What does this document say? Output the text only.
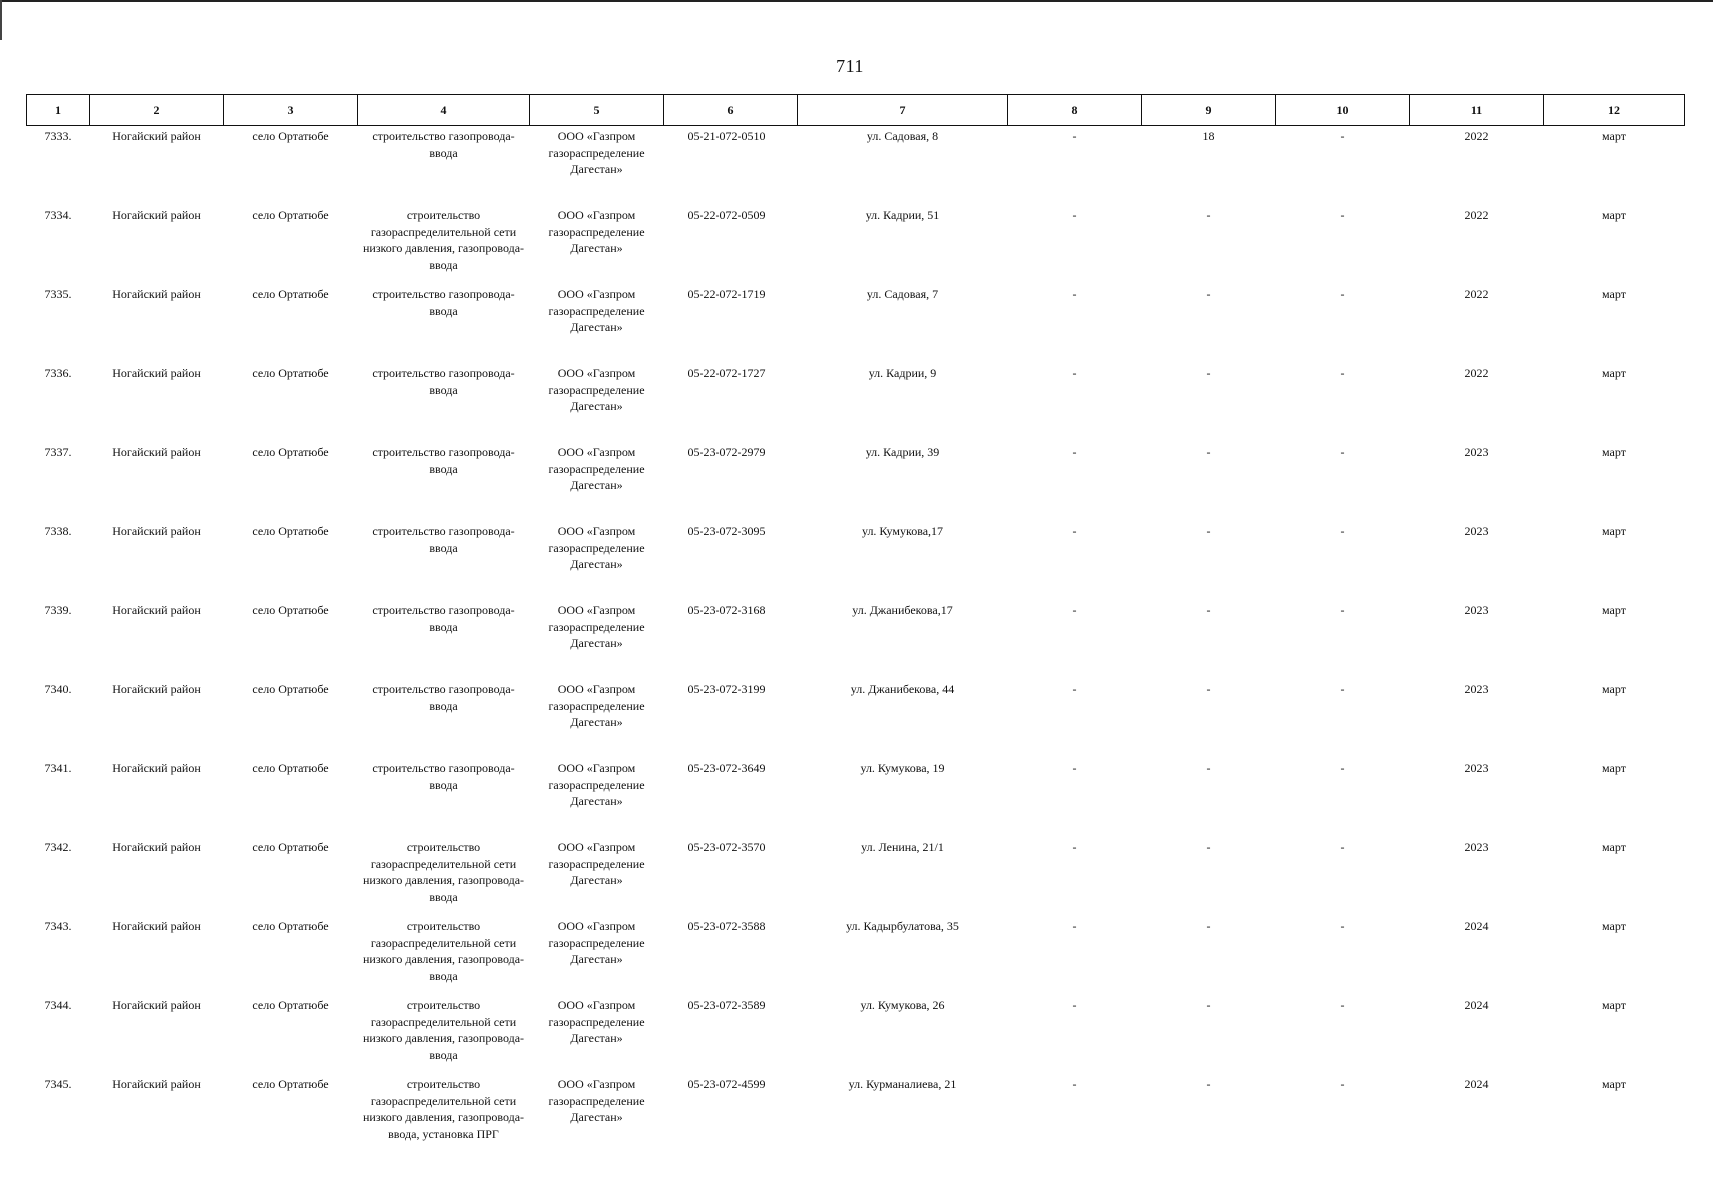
711
1	2	3	4	5	6	7	8	9	10	11	12
7333.	Ногайский район	село Ортатюбе	строительство газопровода-ввода	ООО «Газпром газораспределение Дагестан»	05-21-072-0510	ул. Садовая, 8	-	18	-	2022	март
7334.	Ногайский район	село Ортатюбе	строительство газораспределительной сети низкого давления, газопровода-ввода	ООО «Газпром газораспределение Дагестан»	05-22-072-0509	ул. Кадрии, 51	-	-	-	2022	март
7335.	Ногайский район	село Ортатюбе	строительство газопровода-ввода	ООО «Газпром газораспределение Дагестан»	05-22-072-1719	ул. Садовая, 7	-	-	-	2022	март
7336.	Ногайский район	село Ортатюбе	строительство газопровода-ввода	ООО «Газпром газораспределение Дагестан»	05-22-072-1727	ул. Кадрии, 9	-	-	-	2022	март
7337.	Ногайский район	село Ортатюбе	строительство газопровода-ввода	ООО «Газпром газораспределение Дагестан»	05-23-072-2979	ул. Кадрии, 39	-	-	-	2023	март
7338.	Ногайский район	село Ортатюбе	строительство газопровода-ввода	ООО «Газпром газораспределение Дагестан»	05-23-072-3095	ул. Кумукова,17	-	-	-	2023	март
7339.	Ногайский район	село Ортатюбе	строительство газопровода-ввода	ООО «Газпром газораспределение Дагестан»	05-23-072-3168	ул. Джанибекова,17	-	-	-	2023	март
7340.	Ногайский район	село Ортатюбе	строительство газопровода-ввода	ООО «Газпром газораспределение Дагестан»	05-23-072-3199	ул. Джанибекова, 44	-	-	-	2023	март
7341.	Ногайский район	село Ортатюбе	строительство газопровода-ввода	ООО «Газпром газораспределение Дагестан»	05-23-072-3649	ул. Кумукова, 19	-	-	-	2023	март
7342.	Ногайский район	село Ортатюбе	строительство газораспределительной сети низкого давления, газопровода-ввода	ООО «Газпром газораспределение Дагестан»	05-23-072-3570	ул. Ленина, 21/1	-	-	-	2023	март
7343.	Ногайский район	село Ортатюбе	строительство газораспределительной сети низкого давления, газопровода-ввода	ООО «Газпром газораспределение Дагестан»	05-23-072-3588	ул. Кадырбулатова, 35	-	-	-	2024	март
7344.	Ногайский район	село Ортатюбе	строительство газораспределительной сети низкого давления, газопровода-ввода	ООО «Газпром газораспределение Дагестан»	05-23-072-3589	ул. Кумукова, 26	-	-	-	2024	март
7345.	Ногайский район	село Ортатюбе	строительство газораспределительной сети низкого давления, газопровода-ввода, установка ПРГ	ООО «Газпром газораспределение Дагестан»	05-23-072-4599	ул. Курманалиева, 21	-	-	-	2024	март
